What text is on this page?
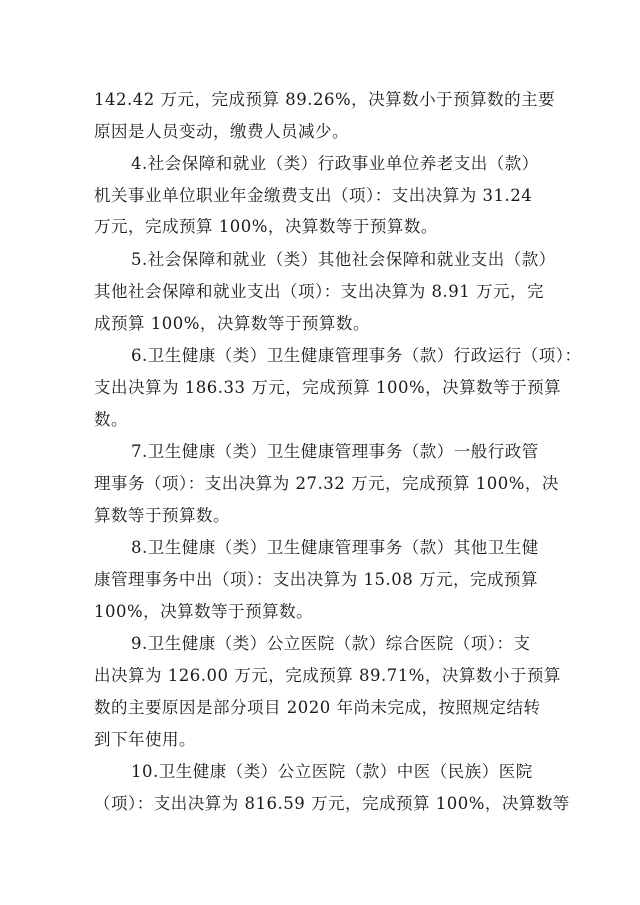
142.42 万元，完成预算 89.26%，决算数小于预算数的主要
原因是人员变动，缴费人员减少。
4.社会保障和就业（类）行政事业单位养老支出（款）
机关事业单位职业年金缴费支出（项）：支出决算为 31.24
万元，完成预算 100%，决算数等于预算数。
5.社会保障和就业（类）其他社会保障和就业支出（款）
其他社会保障和就业支出（项）：支出决算为 8.91 万元，完
成预算 100%，决算数等于预算数。
6.卫生健康（类）卫生健康管理事务（款）行政运行（项）：
支出决算为 186.33 万元，完成预算 100%，决算数等于预算
数。
7.卫生健康（类）卫生健康管理事务（款）一般行政管
理事务（项）：支出决算为 27.32 万元，完成预算 100%，决
算数等于预算数。
8.卫生健康（类）卫生健康管理事务（款）其他卫生健
康管理事务中出（项）：支出决算为 15.08 万元，完成预算
100%，决算数等于预算数。
9.卫生健康（类）公立医院（款）综合医院（项）：支
出决算为 126.00 万元，完成预算 89.71%，决算数小于预算
数的主要原因是部分项目 2020 年尚未完成，按照规定结转
到下年使用。
10.卫生健康（类）公立医院（款）中医（民族）医院
（项）：支出决算为 816.59 万元，完成预算 100%，决算数等
